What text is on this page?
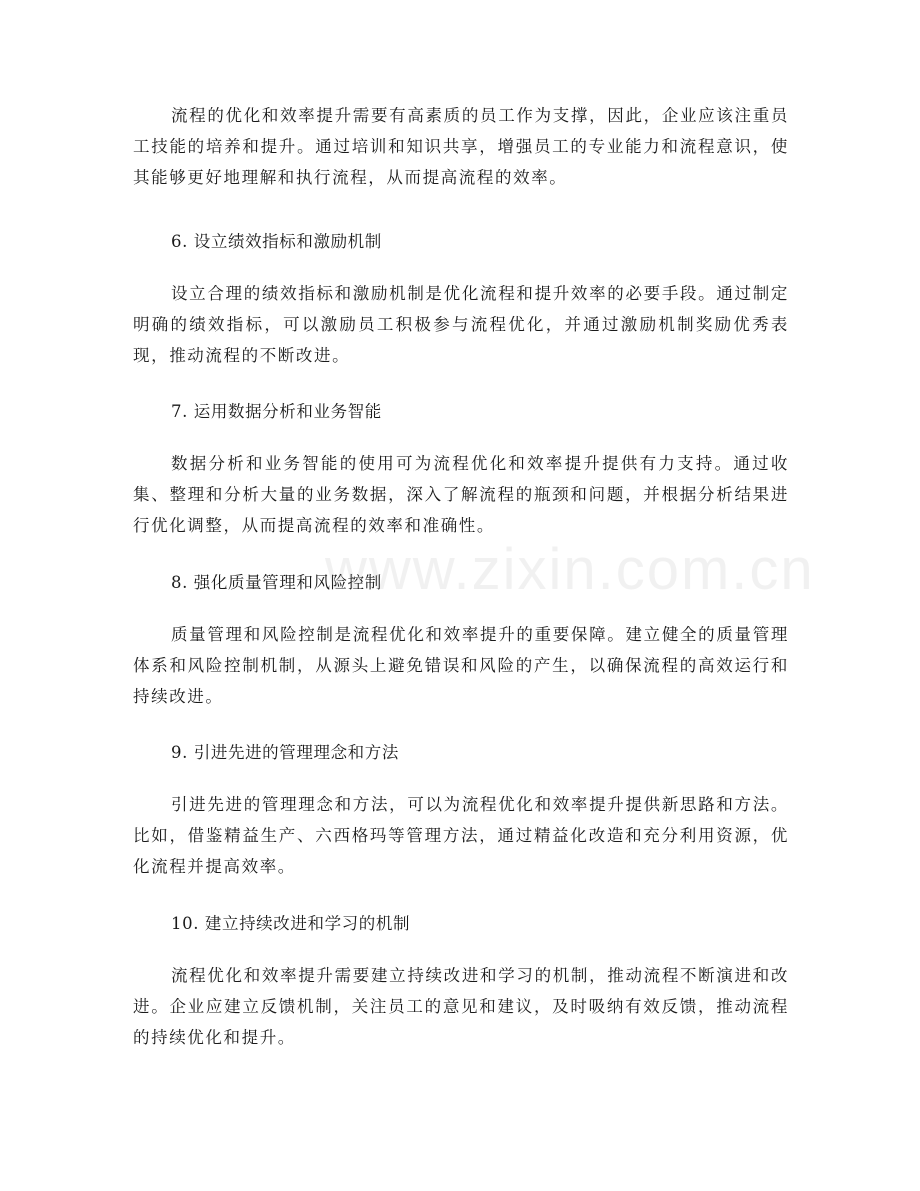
流程的优化和效率提升需要有高素质的员工作为支撑，因此，企业应该注重员工技能的培养和提升。通过培训和知识共享，增强员工的专业能力和流程意识，使其能够更好地理解和执行流程，从而提高流程的效率。

6. 设立绩效指标和激励机制

设立合理的绩效指标和激励机制是优化流程和提升效率的必要手段。通过制定明确的绩效指标，可以激励员工积极参与流程优化，并通过激励机制奖励优秀表现，推动流程的不断改进。

7. 运用数据分析和业务智能

数据分析和业务智能的使用可为流程优化和效率提升提供有力支持。通过收集、整理和分析大量的业务数据，深入了解流程的瓶颈和问题，并根据分析结果进行优化调整，从而提高流程的效率和准确性。

8. 强化质量管理和风险控制

质量管理和风险控制是流程优化和效率提升的重要保障。建立健全的质量管理体系和风险控制机制，从源头上避免错误和风险的产生，以确保流程的高效运行和持续改进。

9. 引进先进的管理理念和方法

引进先进的管理理念和方法，可以为流程优化和效率提升提供新思路和方法。比如，借鉴精益生产、六西格玛等管理方法，通过精益化改造和充分利用资源，优化流程并提高效率。

10. 建立持续改进和学习的机制

流程优化和效率提升需要建立持续改进和学习的机制，推动流程不断演进和改进。企业应建立反馈机制，关注员工的意见和建议，及时吸纳有效反馈，推动流程的持续优化和提升。

www.zixin.com.cn
